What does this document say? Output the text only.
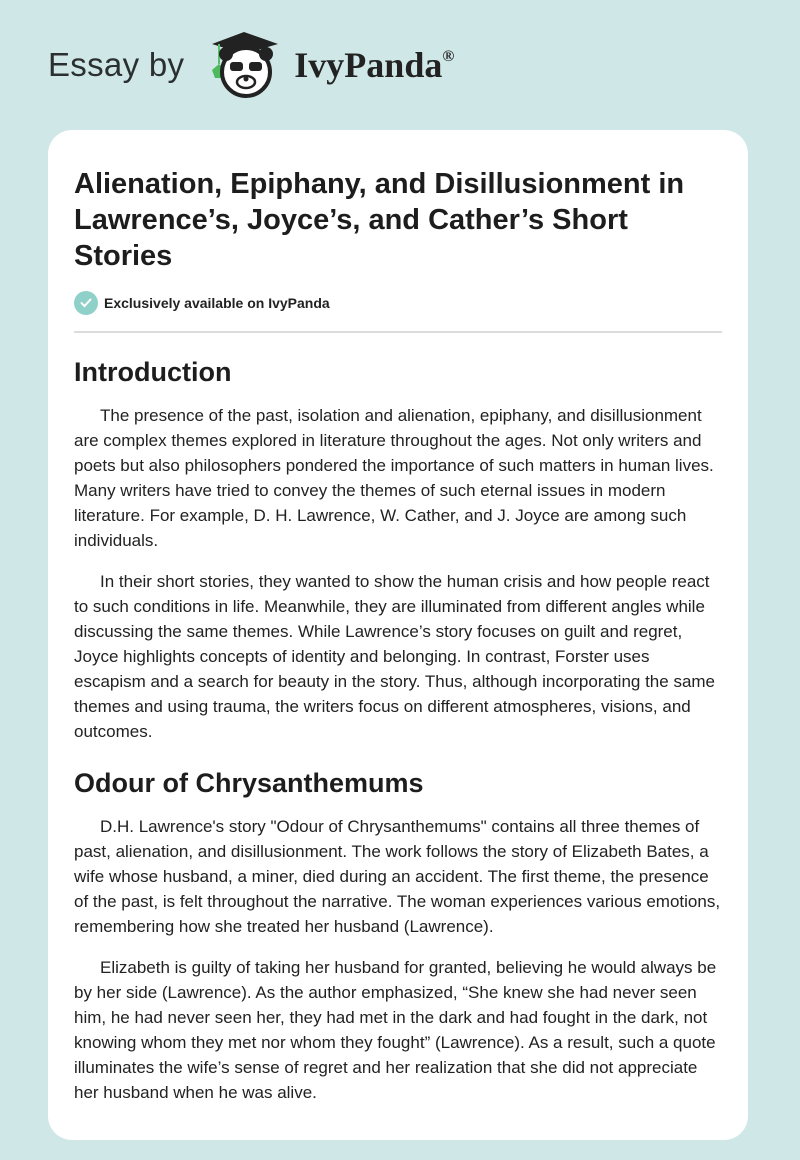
Essay by	IvyPanda®
Alienation, Epiphany, and Disillusionment in Lawrence’s, Joyce’s, and Cather’s Short Stories
Exclusively available on IvyPanda
Introduction

The presence of the past, isolation and alienation, epiphany, and disillusionment are complex themes explored in literature throughout the ages. Not only writers and poets but also philosophers pondered the importance of such matters in human lives. Many writers have tried to convey the themes of such eternal issues in modern literature. For example, D. H. Lawrence, W. Cather, and J. Joyce are among such individuals.

In their short stories, they wanted to show the human crisis and how people react to such conditions in life. Meanwhile, they are illuminated from different angles while discussing the same themes. While Lawrence’s story focuses on guilt and regret, Joyce highlights concepts of identity and belonging. In contrast, Forster uses escapism and a search for beauty in the story. Thus, although incorporating the same themes and using trauma, the writers focus on different atmospheres, visions, and outcomes.

Odour of Chrysanthemums

D.H. Lawrence's story "Odour of Chrysanthemums" contains all three themes of past, alienation, and disillusionment. The work follows the story of Elizabeth Bates, a wife whose husband, a miner, died during an accident. The first theme, the presence of the past, is felt throughout the narrative. The woman experiences various emotions, remembering how she treated her husband (Lawrence).

Elizabeth is guilty of taking her husband for granted, believing he would always be by her side (Lawrence). As the author emphasized, “She knew she had never seen him, he had never seen her, they had met in the dark and had fought in the dark, not knowing whom they met nor whom they fought” (Lawrence). As a result, such a quote illuminates the wife’s sense of regret and her realization that she did not appreciate her husband when he was alive.
